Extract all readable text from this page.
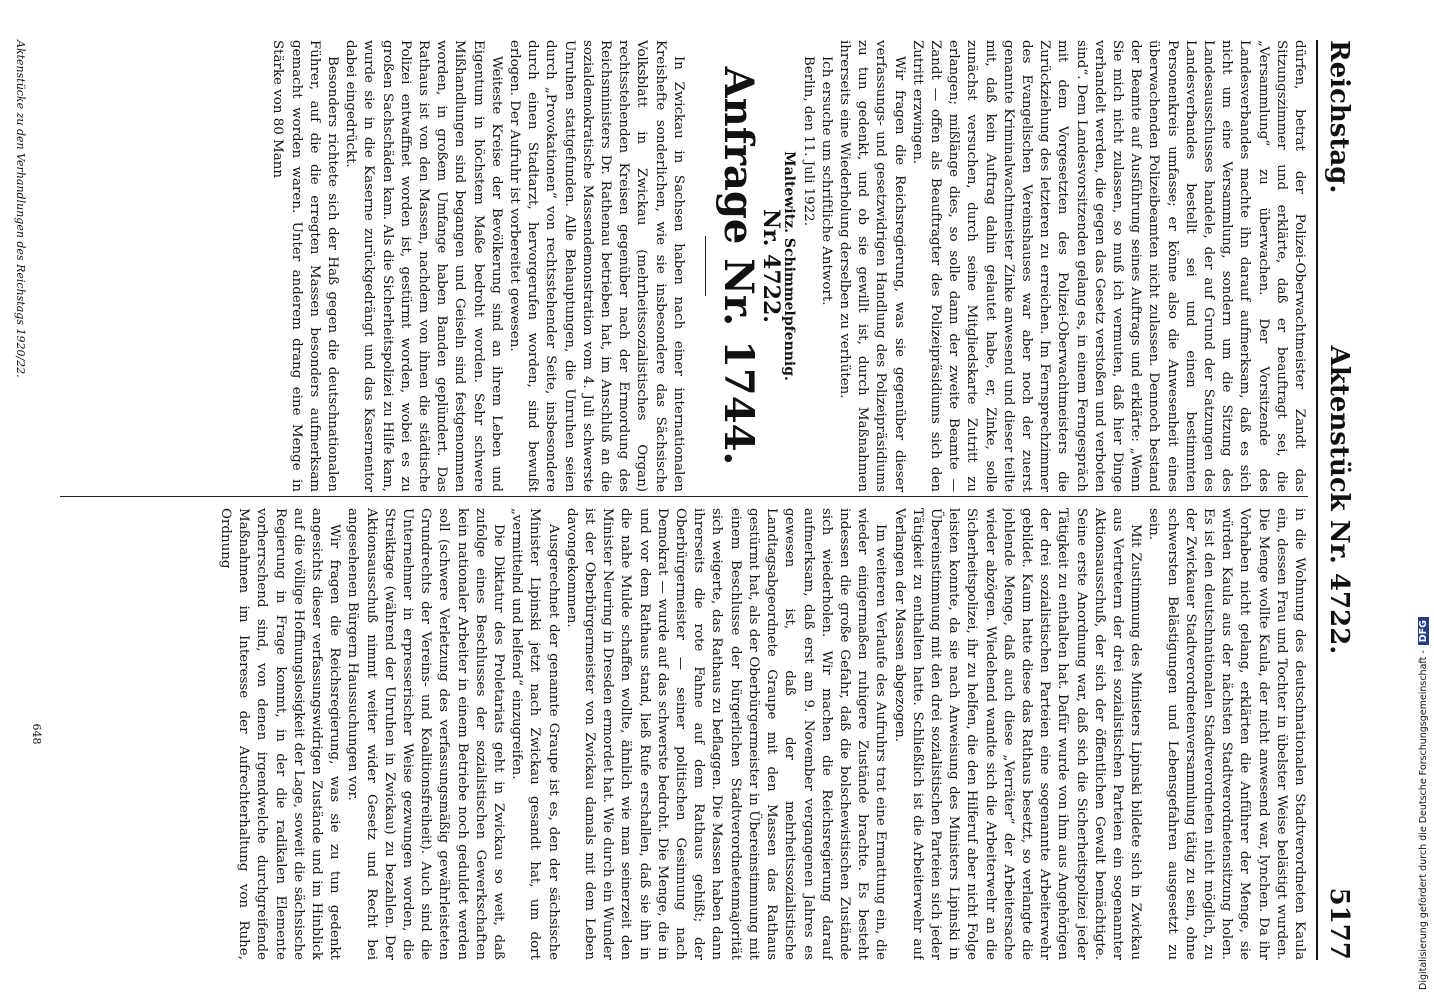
Reichstag.
Aktenstück Nr. 4722.
5177

dürfen, betrat der Polizei-Oberwachtmeister Zandt das Sitzungszimmer und erklärte, daß er beauftragt sei, die „Versammlung“ zu überwachen. Der Vorsitzende des Landesverbandes machte ihn darauf aufmerksam, daß es sich nicht um eine Versammlung, sondern um die Sitzung des Landesausschusses handele, der auf Grund der Satzungen des Landesverbandes bestellt sei und einen bestimmten Personenkreis umfasse; er könne also die Anwesenheit eines überwachenden Polizeibeamten nicht zulassen. Dennoch bestand der Beamte auf Ausführung seines Auftrags und erklärte: „Wenn Sie mich nicht zulassen, so muß ich vermuten, daß hier Dinge verhandelt werden, die gegen das Gesetz verstoßen und verboten sind“. Dem Landesvorsitzenden gelang es, in einem Ferngespräch mit dem Vorgesetzten des Polizei-Oberwachtmeisters die Zurückziehung des letzteren zu erreichen. Im Fernsprechzimmer des Evangelischen Vereinshauses war aber noch der zuerst genannte Kriminalwachtmeister Zinke anwesend und dieser teilte mit, daß kein Auftrag dahin gelautet habe, er, Zinke, solle zunächst versuchen, durch seine Mitgliedskarte Zutritt zu erlangen; mißlänge dies, so solle dann der zweite Beamte — Zandt — offen als Beauftragter des Polizeipräsidiums sich den Zutritt erzwingen.

Wir fragen die Reichsregierung, was sie gegenüber dieser verfassungs- und gesetzwidrigen Handlung des Polizeipräsidiums zu tun gedenkt, und ob sie gewillt ist, durch Maßnahmen ihrerseits eine Wiederholung derselben zu verhüten.

Ich ersuche um schriftliche Antwort.

Berlin, den 11. Juli 1922.

Maltewitz. Schimmelpfennig.

Nr. 4722.

Anfrage Nr. 1744.

In Zwickau in Sachsen haben nach einer internationalen Kreishefte sonderlichen, wie sie insbesondere das Sächsische Volksblatt in Zwickau (mehrheitssozialistisches Organ) rechtsstehenden Kreisen gegenüber nach der Ermordung des Reichsministers Dr. Rathenau betrieben hat, im Anschluß an die sozialdemokratische Massendemonstration vom 4. Juli schwerste Unruhen stattgefunden. Alle Behauptungen, die Unruhen seien durch „Provokationen“ von rechtsstehender Seite, insbesondere durch einen Stadtarzt, hervorgerufen worden, sind bewußt erlogen. Der Aufruhr ist vorbereitet gewesen.

Weiteste Kreise der Bevölkerung sind an ihrem Leben und Eigentum in höchstem Maße bedroht worden. Sehr schwere Mißhandlungen sind begangen und Geiseln sind festgenommen worden, in großem Umfange haben Banden geplündert. Das Rathaus ist von den Massen, nachdem von ihnen die städtische Polizei entwaffnet worden ist, gestürmt worden, wobei es zu großen Sachschäden kam. Als die Sicherheitspolizei zu Hilfe kam, wurde sie in die Kaserne zurückgedrängt und das Kasernentor dabei eingedrückt.

Besonders richtete sich der Haß gegen die deutschnationalen Führer, auf die die erregten Massen besonders aufmerksam gemacht worden waren. Unter anderem drang eine Menge in Stärke von 80 Mann

in die Wohnung des deutschnationalen Stadtverordneten Kaula ein, dessen Frau und Tochter in übelster Weise belästigt wurden. Die Menge wollte Kaula, der nicht anwesend war, lynchen. Da ihr Vorhaben nicht gelang, erklärten die Anführer der Menge, sie würden Kaula aus der nächsten Stadtverordnetensitzung holen. Es ist den deutschnationalen Stadtverordneten nicht möglich, zu der Zwickauer Stadtverordnetenversammlung tätig zu sein, ohne schwersten Belästigungen und Lebensgefahren ausgesetzt zu sein.

Mit Zustimmung des Ministers Lipinski bildete sich in Zwickau aus Vertretern der drei sozialistischen Parteien ein sogenannter Aktionsausschuß, der sich der öffentlichen Gewalt bemächtigte. Seine erste Anordnung war, daß sich die Sicherheitspolizei jeder Tätigkeit zu enthalten hat. Dafür wurde von ihm aus Angehörigen der drei sozialistischen Parteien eine sogenannte Arbeiterwehr gebildet. Kaum hatte diese das Rathaus besetzt, so verlangte die johlende Menge, daß auch diese „Verräter“ der Arbeitersache wieder abzögen. Wiedehend wandte sich die Arbeiterwehr an die Sicherheitspolizei, ihr zu helfen, die den Hilferuf aber nicht Folge leisten konnte, da sie nach Anweisung des Ministers Lipinski in Übereinstimmung mit den drei sozialistischen Parteien sich jeder Tätigkeit zu enthalten hatte. Schließlich ist die Arbeiterwehr auf Verlangen der Massen abgezogen.

Im weiteren Verlaufe des Aufruhrs trat eine Ermattung ein, die wieder einigermaßen ruhigere Zustände brachte. Es besteht indessen die große Gefahr, daß die bolschewistischen Zustände sich wiederholen. Wir machen die Reichsregierung darauf aufmerksam, daß erst am 9. November vergangenen Jahres es gewesen ist, daß der mehrheitssozialistische Landtagsabgeordnete Graupe mit den Massen das Rathaus gestürmt hat, als der Oberbürgermeister in Übereinstimmung mit einem Beschlusse der bürgerlichen Stadtverordnetenmajorität sich weigerte, das Rathaus zu beflaggen. Die Massen haben dann ihrerseits die rote Fahne auf dem Rathaus gehißt; der Oberbürgermeister — seiner politischen Gesinnung nach Demokrat — wurde auf das schwerste bedroht. Die Menge, die in und vor dem Rathaus stand, ließ Rufe erschallen, daß sie ihn in die nahe Mulde schaffen wollte, ähnlich wie man seinerzeit den Minister Neuring in Dresden ermordet hat. Wie durch ein Wunder ist der Oberbürgermeister von Zwickau damals mit dem Leben davongekommen.

Ausgerechnet der genannte Graupe ist es, den der sächsische Minister Lipinski jetzt nach Zwickau gesandt hat, um dort „vermittelnd und helfend“ einzugreifen.

Die Diktatur des Proletariats geht in Zwickau so weit, daß zufolge eines Beschlusses der sozialistischen Gewerkschaften kein nationaler Arbeiter in einem Betriebe noch geduldet werden soll (schwere Verletzung des verfassungsmäßig gewährleisteten Grundrechts der Vereins- und Koalitionsfreiheit). Auch sind die Unternehmer in erpresserischer Weise gezwungen worden, die Streiktage (während der Unruhen in Zwickau) zu bezahlen. Der Aktionsausschuß nimmt weiter wider Gesetz und Recht bei angesehenen Bürgern Haussuchungen vor.

Wir fragen die Reichsregierung, was sie zu tun gedenkt angesichts dieser verfassungswidrigen Zustände und im Hinblick auf die völlige Hoffnungslosigkeit der Lage, soweit die sächsische Regierung in Frage kommt, in der die radikalen Elemente vorherrschend sind, von denen irgendwelche durchgreifende Maßnahmen im Interesse der Aufrechterhaltung von Ruhe, Ordnung

648
Aktenstücke zu den Verhandlungen des Reichstags 1920/22.
Digitalisierung gefördert durch die Deutsche Forschungsgemeinschaft - DFG
